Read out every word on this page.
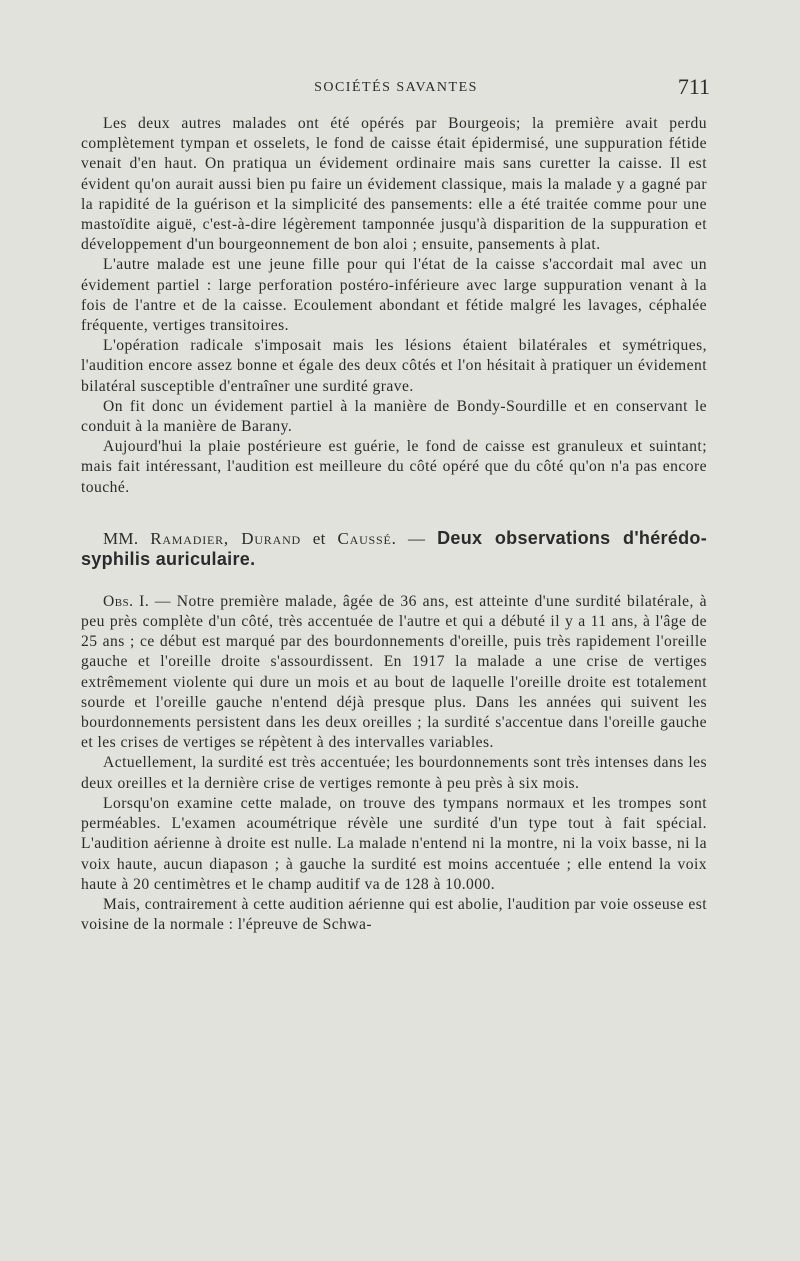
SOCIÉTÉS SAVANTES	711

Les deux autres malades ont été opérés par Bourgeois; la première avait perdu complètement tympan et osselets, le fond de caisse était épidermisé, une suppuration fétide venait d'en haut. On pratiqua un évidement ordinaire mais sans curetter la caisse. Il est évident qu'on aurait aussi bien pu faire un évidement classique, mais la malade y a gagné par la rapidité de la guérison et la simplicité des pansements: elle a été traitée comme pour une mastoïdite aiguë, c'est-à-dire légèrement tamponnée jusqu'à disparition de la suppuration et développement d'un bourgeonnement de bon aloi ; ensuite, pansements à plat.

L'autre malade est une jeune fille pour qui l'état de la caisse s'accordait mal avec un évidement partiel : large perforation postéro-inférieure avec large suppuration venant à la fois de l'antre et de la caisse. Ecoulement abondant et fétide malgré les lavages, céphalée fréquente, vertiges transitoires.

L'opération radicale s'imposait mais les lésions étaient bilatérales et symétriques, l'audition encore assez bonne et égale des deux côtés et l'on hésitait à pratiquer un évidement bilatéral susceptible d'entraîner une surdité grave.

On fit donc un évidement partiel à la manière de Bondy-Sourdille et en conservant le conduit à la manière de Barany.

Aujourd'hui la plaie postérieure est guérie, le fond de caisse est granuleux et suintant; mais fait intéressant, l'audition est meilleure du côté opéré que du côté qu'on n'a pas encore touché.

MM. Ramadier, Durand et Caussé. — Deux observations d'hérédo-syphilis auriculaire.

Obs. I. — Notre première malade, âgée de 36 ans, est atteinte d'une surdité bilatérale, à peu près complète d'un côté, très accentuée de l'autre et qui a débuté il y a 11 ans, à l'âge de 25 ans ; ce début est marqué par des bourdonnements d'oreille, puis très rapidement l'oreille gauche et l'oreille droite s'assourdissent. En 1917 la malade a une crise de vertiges extrêmement violente qui dure un mois et au bout de laquelle l'oreille droite est totalement sourde et l'oreille gauche n'entend déjà presque plus. Dans les années qui suivent les bourdonnements persistent dans les deux oreilles ; la surdité s'accentue dans l'oreille gauche et les crises de vertiges se répètent à des intervalles variables.

Actuellement, la surdité est très accentuée; les bourdonnements sont très intenses dans les deux oreilles et la dernière crise de vertiges remonte à peu près à six mois.

Lorsqu'on examine cette malade, on trouve des tympans normaux et les trompes sont perméables. L'examen acoumétrique révèle une surdité d'un type tout à fait spécial. L'audition aérienne à droite est nulle. La malade n'entend ni la montre, ni la voix basse, ni la voix haute, aucun diapason ; à gauche la surdité est moins accentuée ; elle entend la voix haute à 20 centimètres et le champ auditif va de 128 à 10.000.

Mais, contrairement à cette audition aérienne qui est abolie, l'audition par voie osseuse est voisine de la normale : l'épreuve de Schwa-
